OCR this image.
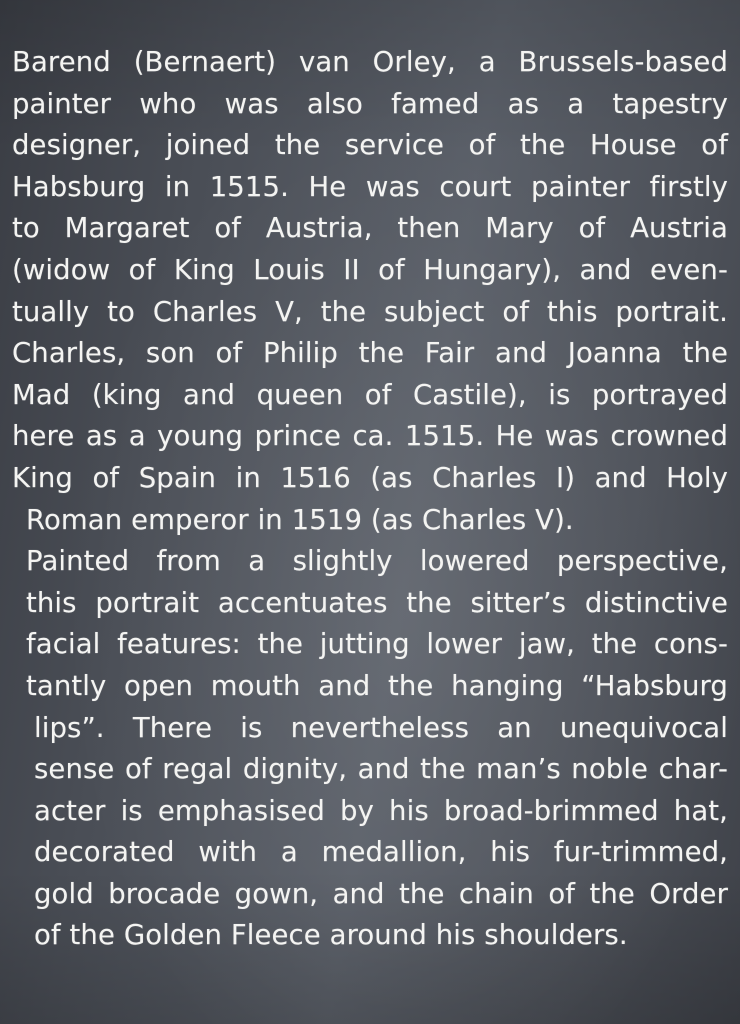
Barend (Bernaert) van Orley, a Brussels-based
painter who was also famed as a tapestry
designer, joined the service of the House of
Habsburg in 1515. He was court painter firstly
to Margaret of Austria, then Mary of Austria
(widow of King Louis II of Hungary), and even-
tually to Charles V, the subject of this portrait.
Charles, son of Philip the Fair and Joanna the
Mad (king and queen of Castile), is portrayed
here as a young prince ca. 1515. He was crowned
King of Spain in 1516 (as Charles I) and Holy
Roman emperor in 1519 (as Charles V).
Painted from a slightly lowered perspective,
this portrait accentuates the sitter’s distinctive
facial features: the jutting lower jaw, the cons-
tantly open mouth and the hanging “Habsburg
lips”. There is nevertheless an unequivocal
sense of regal dignity, and the man’s noble char-
acter is emphasised by his broad-brimmed hat,
decorated with a medallion, his fur-trimmed,
gold brocade gown, and the chain of the Order
of the Golden Fleece around his shoulders.
